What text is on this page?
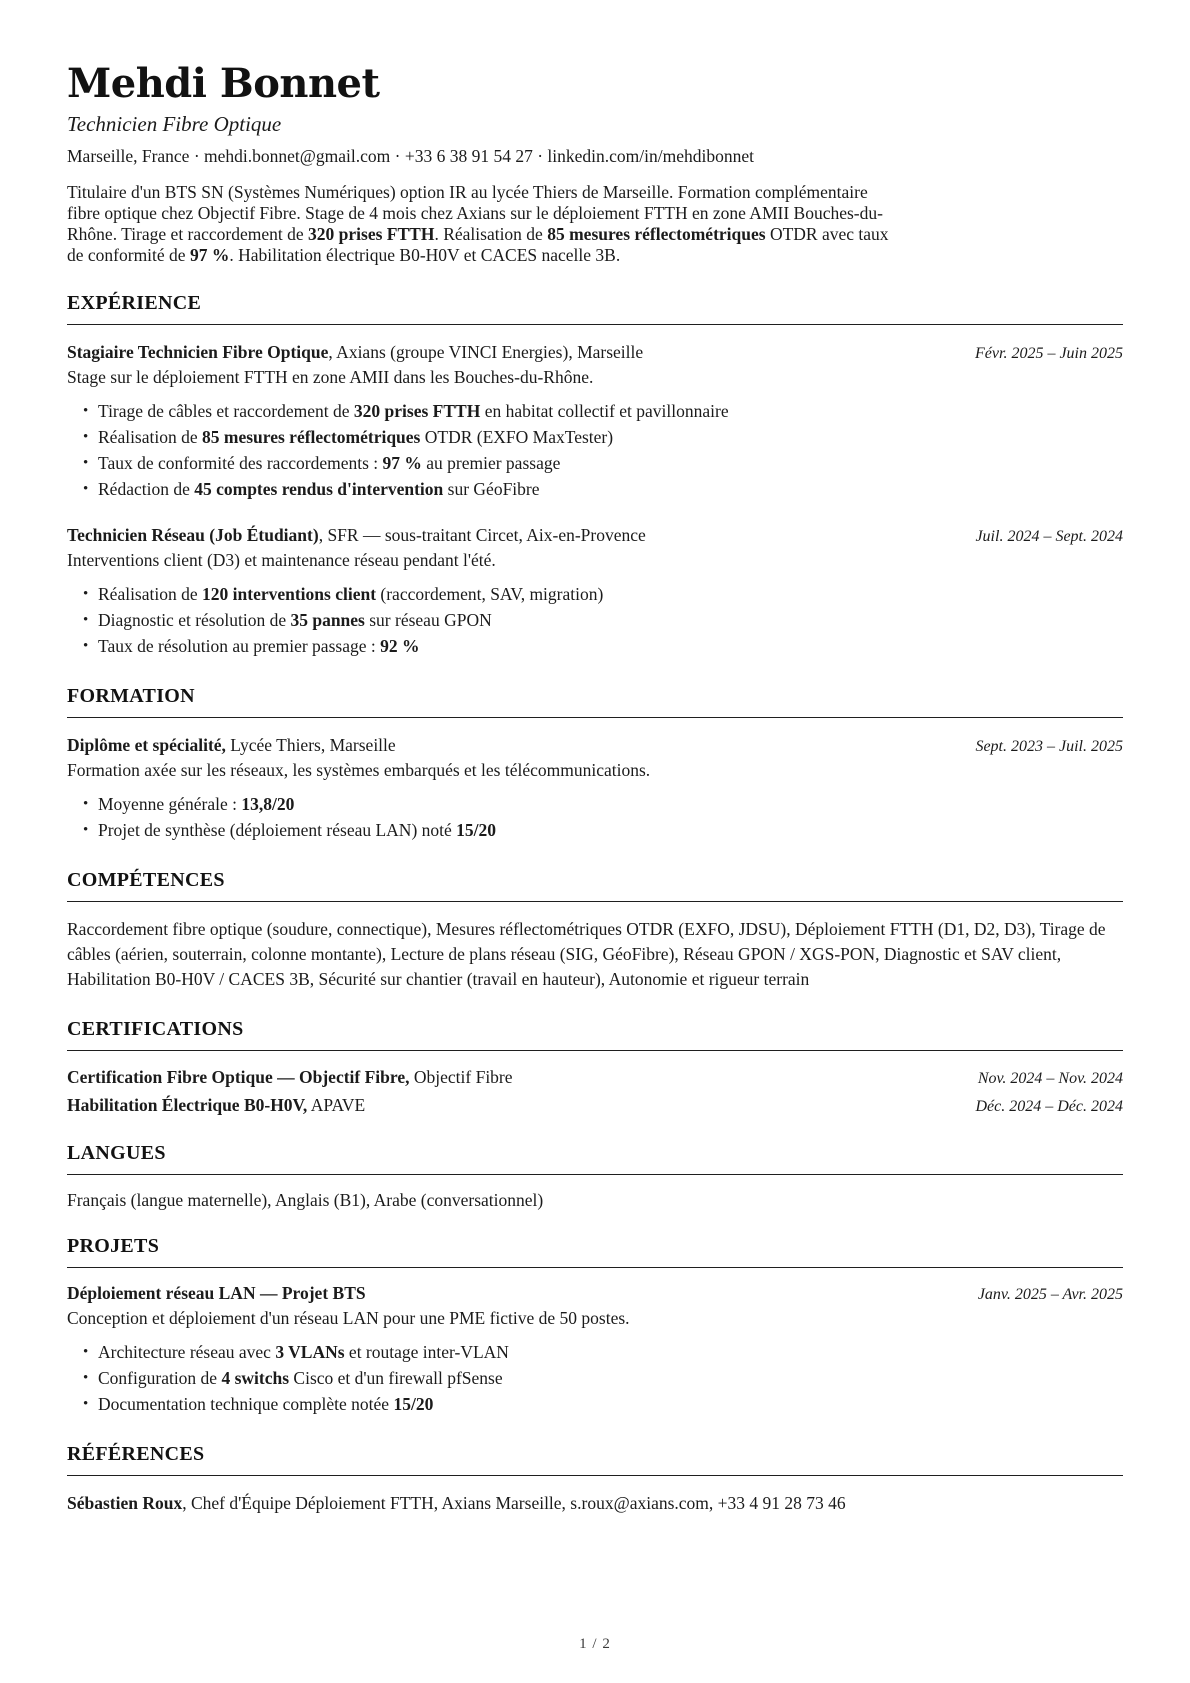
Mehdi Bonnet
Technicien Fibre Optique
Marseille, France · mehdi.bonnet@gmail.com · +33 6 38 91 54 27 · linkedin.com/in/mehdibonnet

Titulaire d'un BTS SN (Systèmes Numériques) option IR au lycée Thiers de Marseille. Formation complémentaire fibre optique chez Objectif Fibre. Stage de 4 mois chez Axians sur le déploiement FTTH en zone AMII Bouches-du-Rhône. Tirage et raccordement de 320 prises FTTH. Réalisation de 85 mesures réflectométriques OTDR avec taux de conformité de 97 %. Habilitation électrique B0-H0V et CACES nacelle 3B.

EXPÉRIENCE
Stagiaire Technicien Fibre Optique, Axians (groupe VINCI Energies), Marseille	Févr. 2025 – Juin 2025
Stage sur le déploiement FTTH en zone AMII dans les Bouches-du-Rhône.
• Tirage de câbles et raccordement de 320 prises FTTH en habitat collectif et pavillonnaire
• Réalisation de 85 mesures réflectométriques OTDR (EXFO MaxTester)
• Taux de conformité des raccordements : 97 % au premier passage
• Rédaction de 45 comptes rendus d'intervention sur GéoFibre
Technicien Réseau (Job Étudiant), SFR — sous-traitant Circet, Aix-en-Provence	Juil. 2024 – Sept. 2024
Interventions client (D3) et maintenance réseau pendant l'été.
• Réalisation de 120 interventions client (raccordement, SAV, migration)
• Diagnostic et résolution de 35 pannes sur réseau GPON
• Taux de résolution au premier passage : 92 %
FORMATION
Diplôme et spécialité, Lycée Thiers, Marseille	Sept. 2023 – Juil. 2025
Formation axée sur les réseaux, les systèmes embarqués et les télécommunications.
• Moyenne générale : 13,8/20
• Projet de synthèse (déploiement réseau LAN) noté 15/20
COMPÉTENCES

Raccordement fibre optique (soudure, connectique), Mesures réflectométriques OTDR (EXFO, JDSU), Déploiement FTTH (D1, D2, D3), Tirage de câbles (aérien, souterrain, colonne montante), Lecture de plans réseau (SIG, GéoFibre), Réseau GPON / XGS-PON, Diagnostic et SAV client, Habilitation B0-H0V / CACES 3B, Sécurité sur chantier (travail en hauteur), Autonomie et rigueur terrain

CERTIFICATIONS
Certification Fibre Optique — Objectif Fibre, Objectif Fibre	Nov. 2024 – Nov. 2024
Habilitation Électrique B0-H0V, APAVE	Déc. 2024 – Déc. 2024
LANGUES

Français (langue maternelle), Anglais (B1), Arabe (conversationnel)

PROJETS
Déploiement réseau LAN — Projet BTS	Janv. 2025 – Avr. 2025
Conception et déploiement d'un réseau LAN pour une PME fictive de 50 postes.
• Architecture réseau avec 3 VLANs et routage inter-VLAN
• Configuration de 4 switchs Cisco et d'un firewall pfSense
• Documentation technique complète notée 15/20
RÉFÉRENCES

Sébastien Roux, Chef d'Équipe Déploiement FTTH, Axians Marseille, s.roux@axians.com, +33 4 91 28 73 46

1 / 2
